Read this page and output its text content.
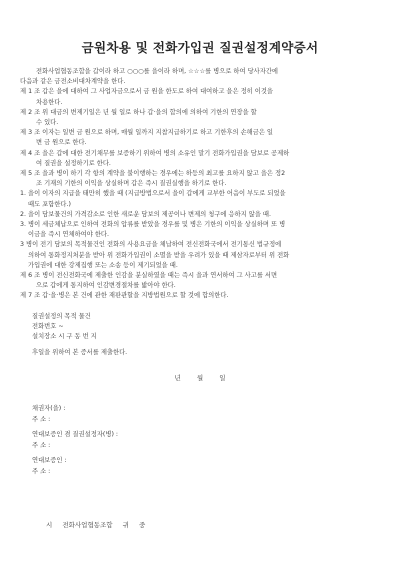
금원차용 및 전화가입권 질권설정계약증서

전화사업협동조합을 갑이라 하고 ○○○를 을이라 하며, ☆☆☆를 병으로 하여 당사자간에

다음과 같은 금전소비대차계약을 한다.

제 1 조 갑은 을에 대하여 그 사업자금으로서 금 원을 한도로 하여 대여하고 을은 정히 이것을

차용한다.

제 2 조 위 대금의 변제기일은 년 월 일로 하나 갑·을의 합의에 의하여 기한의 연장을 할

수 있다.

제 3 조 이자는 일변 금 원으로 하며, 매월 일까지 지참지급하기로 하고 기한후의 손해금은 일

변 금 원으로 한다.

제 4 조 을은 갑에 대한 전기채무를 보증하기 위하여 병의 소유인 말기 전화가입권을 담보로 공제하

여 질권을 설정하기로 한다.

제 5 조 을과 병이 하기 각 항의 계약을 불이행하는 경우에는 하등의 최고를 요하지 않고 을은 정2

조 기재의 기한의 이익을 상실하며 갑은 즉시 질권실행을 하기로 한다.

1. 을이 이자의 지급을 태만히 했을 때 (지급방법으로서 을이 갑에게 교부한 어음이 부도로 되었을

때도 포함한다.)

2. 을이 담보물건의 가격감소로 인한 새로운 담보의 제공이나 변제의 청구에 응하지 않을 때.

3. 병이 세금체납으로 인하여 전화의 압류를 받았을 경우를 및 병은 기한의 이익을 상실하며 또 병

이금을 즉시 연체하여야 한다.

3 병이 전기 담보의 목적물건인 전화의 사용요금을 체납하여 전신전화국에서 전기통신 법규정에

의하여 통화정지처분을 받아 위 전화가입권이 소멸을 받을 우려가 있을 때 제삼자로부터 위 전화

가입권에 대한 강제집행 또는 소송 등이 제기되었을 때.

제 6 조 병이 전신전화국에 제출한 인감을 분실하였을 때는 즉시 을과 연서하여 그 사고를 서면

으로 갑에게 통지하여 인감변경절차를 밟아야 한다.

제 7 조 갑·을·병은 본 건에 관한 재판관할을 지방법원으로 할 것에 합의한다.

질권설정의 목적 물건
전화번호 ~
설치장소 시 구 동 번 지
후일을 위하여 본 증서를 제출한다.
년 월 일
채권자(을) :
주 소 :
연대보증인 겸 질권설정자(병) :
주 소 :
연대보증인 :
주 소 :
시 전화사업협동조합 귀 중
